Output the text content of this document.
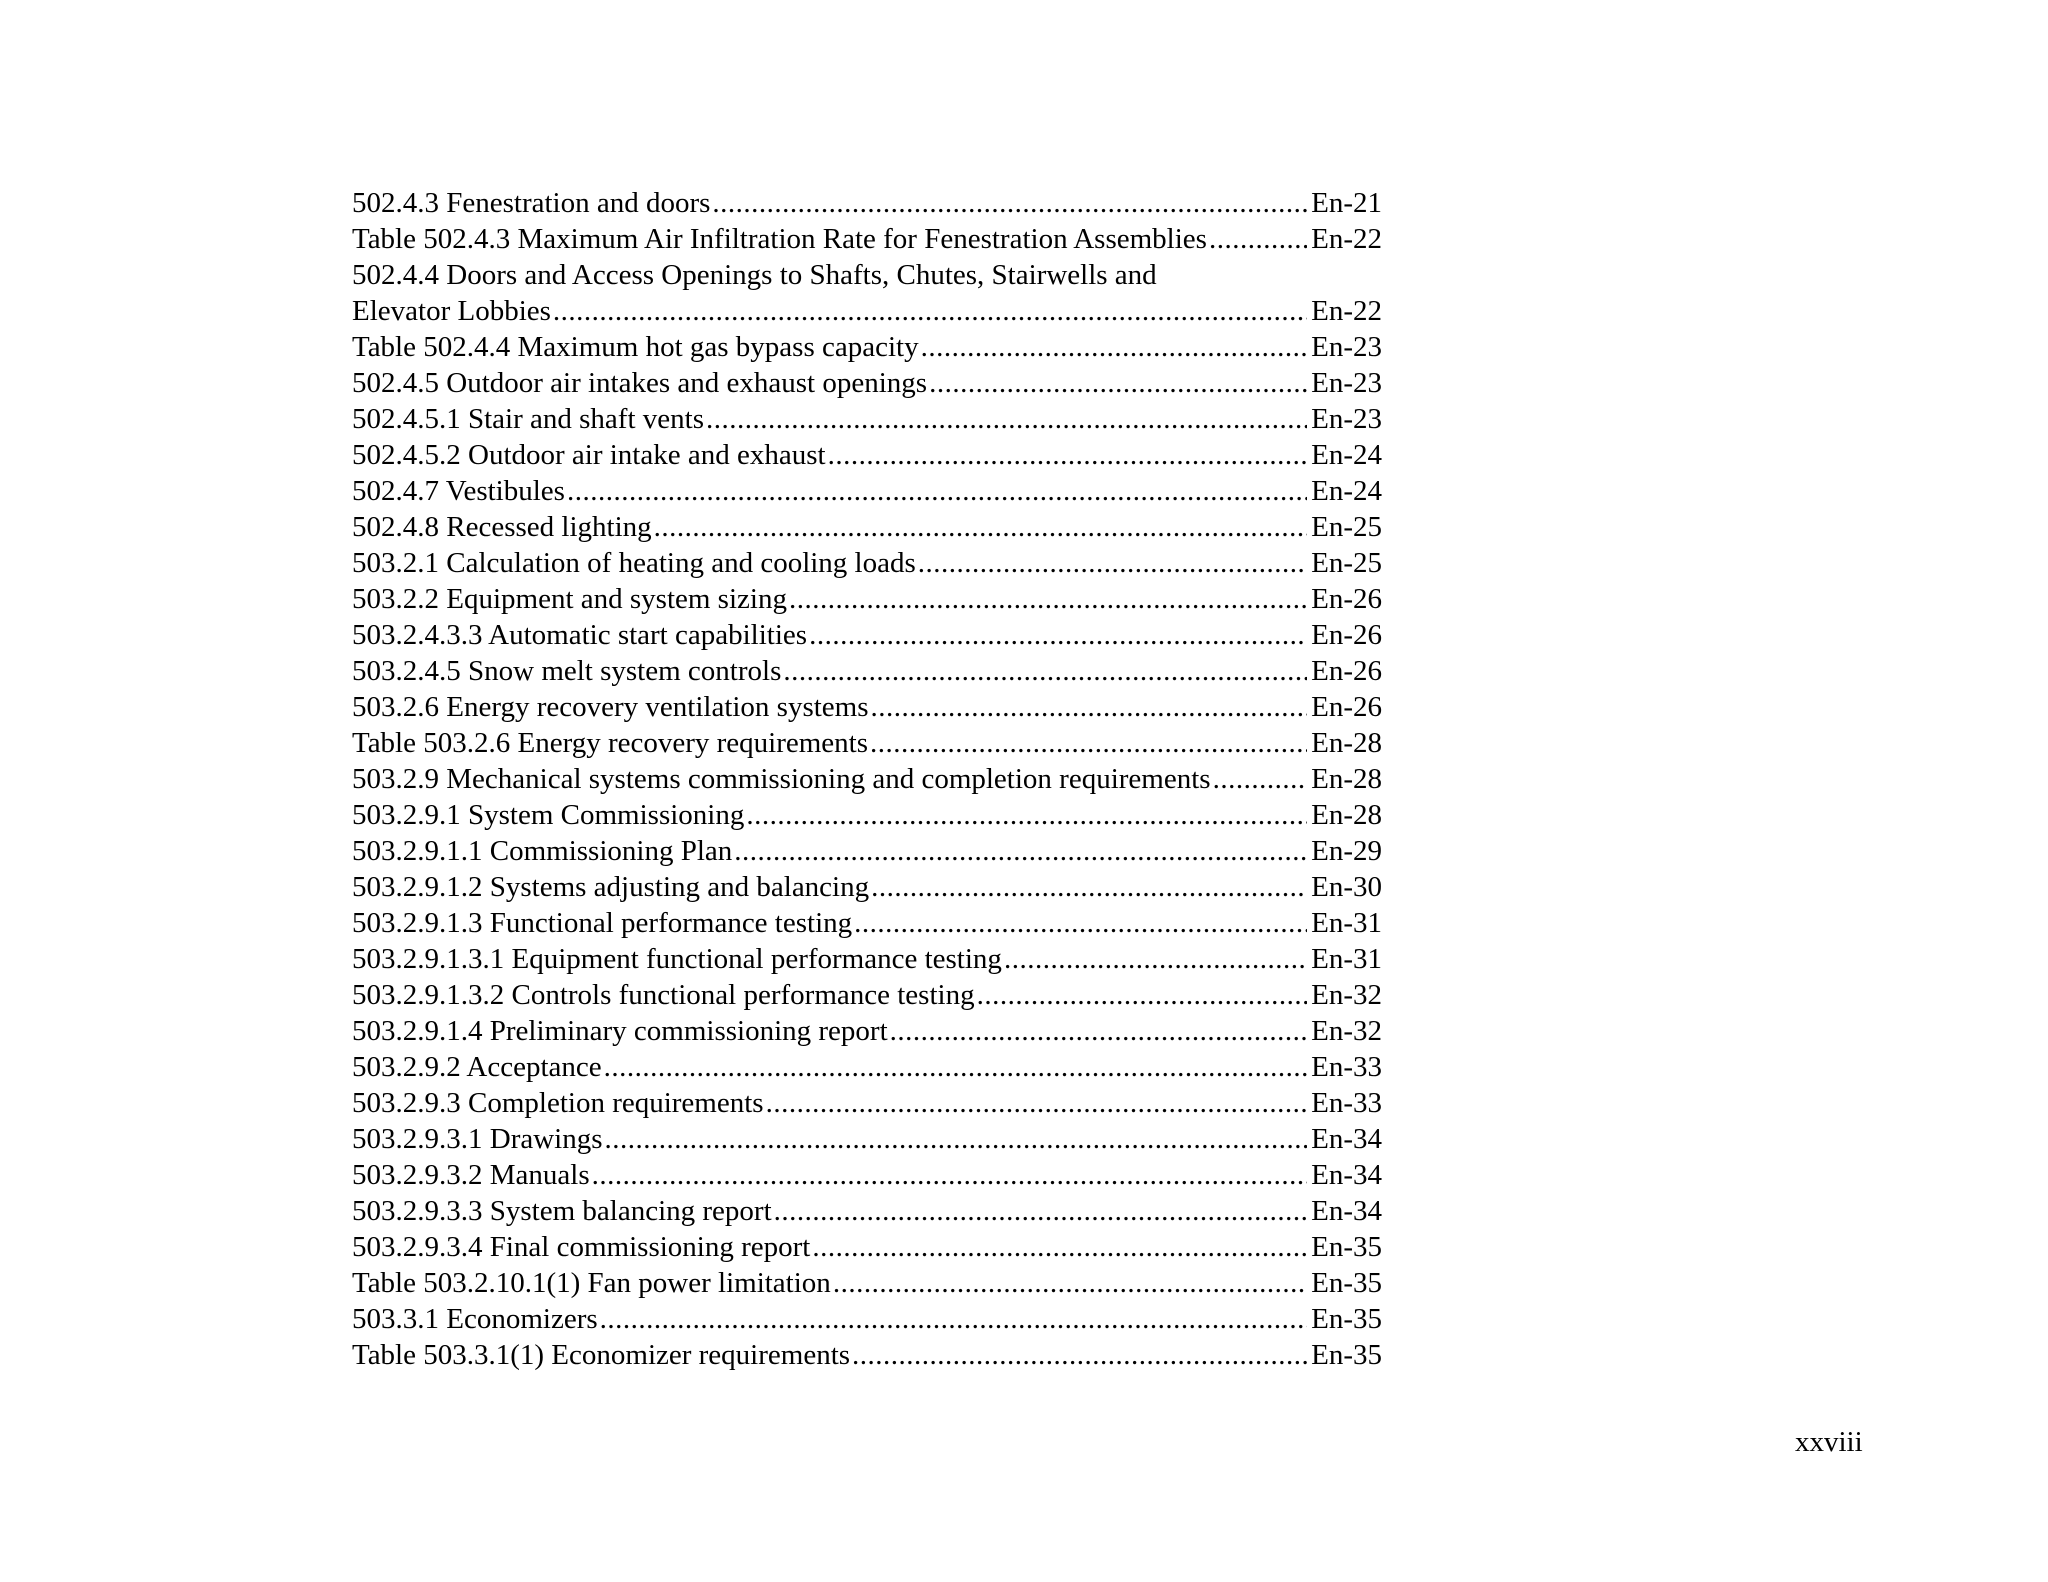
502.4.3 Fenestration and doors .....	En-21
Table 502.4.3 Maximum Air Infiltration Rate for Fenestration Assemblies .....	En-22
502.4.4 Doors and Access Openings to Shafts, Chutes, Stairwells and
Elevator Lobbies .....	En-22
Table 502.4.4 Maximum hot gas bypass capacity .....	En-23
502.4.5 Outdoor air intakes and exhaust openings .....	En-23
502.4.5.1 Stair and shaft vents .....	En-23
502.4.5.2 Outdoor air intake and exhaust .....	En-24
502.4.7 Vestibules .....	En-24
502.4.8 Recessed lighting .....	En-25
503.2.1 Calculation of heating and cooling loads .....	En-25
503.2.2 Equipment and system sizing .....	En-26
503.2.4.3.3 Automatic start capabilities .....	En-26
503.2.4.5 Snow melt system controls .....	En-26
503.2.6 Energy recovery ventilation systems .....	En-26
Table 503.2.6 Energy recovery requirements .....	En-28
503.2.9 Mechanical systems commissioning and completion requirements .....	En-28
503.2.9.1 System Commissioning .....	En-28
503.2.9.1.1 Commissioning Plan .....	En-29
503.2.9.1.2 Systems adjusting and balancing .....	En-30
503.2.9.1.3 Functional performance testing .....	En-31
503.2.9.1.3.1 Equipment functional performance testing .....	En-31
503.2.9.1.3.2 Controls functional performance testing .....	En-32
503.2.9.1.4 Preliminary commissioning report .....	En-32
503.2.9.2 Acceptance .....	En-33
503.2.9.3 Completion requirements .....	En-33
503.2.9.3.1 Drawings .....	En-34
503.2.9.3.2 Manuals .....	En-34
503.2.9.3.3 System balancing report .....	En-34
503.2.9.3.4 Final commissioning report .....	En-35
Table 503.2.10.1(1) Fan power limitation .....	En-35
503.3.1 Economizers .....	En-35
Table 503.3.1(1) Economizer requirements .....	En-35
xxviii
